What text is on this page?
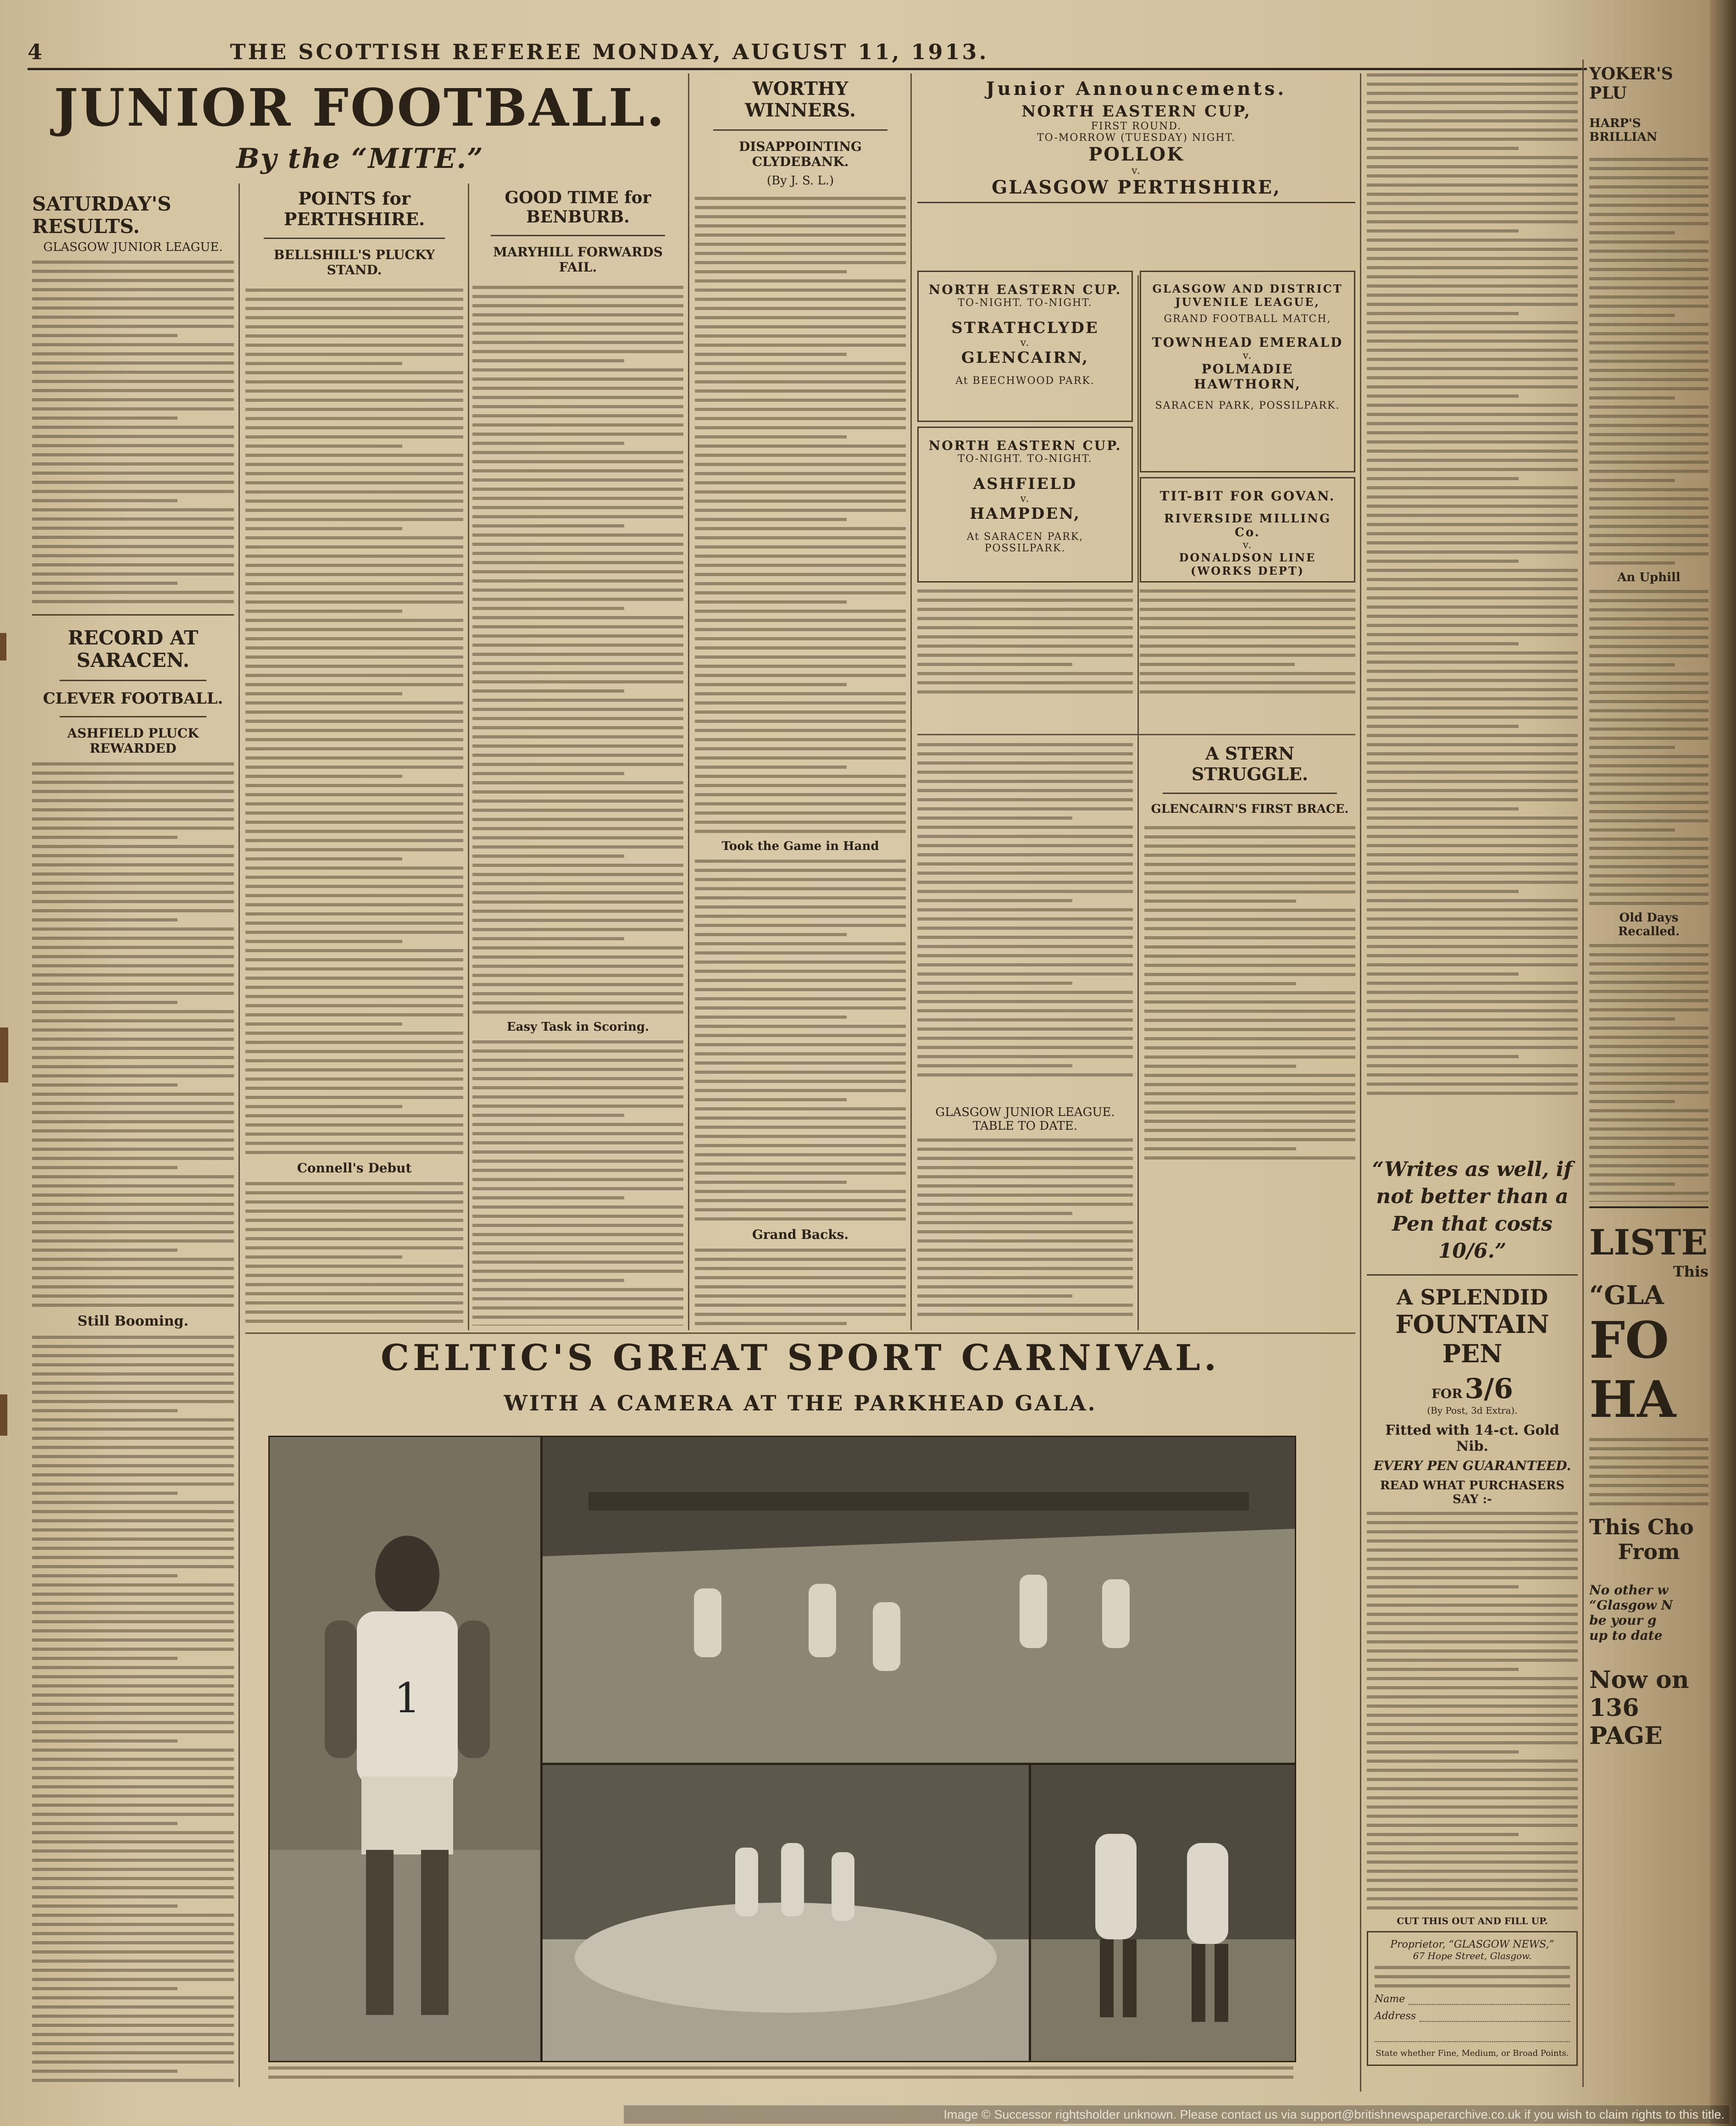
4	THE SCOTTISH REFEREE MONDAY, AUGUST 11, 1913.
JUNIOR FOOTBALL.
By the “MITE.”
SATURDAY'S RESULTS.
GLASGOW JUNIOR LEAGUE.
RECORD AT SARACEN.
CLEVER FOOTBALL.
ASHFIELD PLUCK REWARDED
Still Booming.
POINTS for PERTHSHIRE.
BELLSHILL'S PLUCKY STAND.
Connell's Debut
GOOD TIME for BENBURB.
MARYHILL FORWARDS FAIL.
Easy Task in Scoring.
WORTHY WINNERS.
DISAPPOINTING CLYDEBANK.
(By J. S. L.)
Took the Game in Hand
Grand Backs.
Junior Announcements.
NORTH EASTERN CUP,
FIRST ROUND.
TO-MORROW (TUESDAY) NIGHT.
POLLOK
v.
GLASGOW PERTHSHIRE,
NORTH EASTERN CUP.
TO-NIGHT. TO-NIGHT.
STRATHCLYDE
v.
GLENCAIRN,
At BEECHWOOD PARK.
NORTH EASTERN CUP.
TO-NIGHT. TO-NIGHT.
ASHFIELD
v.
HAMPDEN,
At SARACEN PARK, POSSILPARK.
GLASGOW AND DISTRICT JUVENILE LEAGUE,
GRAND FOOTBALL MATCH,
TOWNHEAD EMERALD
v.
POLMADIE HAWTHORN,
SARACEN PARK, POSSILPARK.
TIT-BIT FOR GOVAN.
RIVERSIDE MILLING Co.
v.
DONALDSON LINE (WORKS DEPT)
A STERN STRUGGLE.
GLENCAIRN'S FIRST BRACE.
GLASGOW JUNIOR LEAGUE.
TABLE TO DATE.
YOKER'S PLU
HARP'S BRILLIAN
An Uphill
Old Days Recalled.
CELTIC'S GREAT SPORT CARNIVAL.
WITH A CAMERA AT THE PARKHEAD GALA.
1
“Writes as well, if not better than a Pen that costs 10/6.”
A SPLENDID
FOUNTAIN PEN
FOR 3/6
(By Post, 3d Extra).
Fitted with 14-ct. Gold Nib.
EVERY PEN GUARANTEED.
READ WHAT PURCHASERS SAY :-
CUT THIS OUT AND FILL UP.
Proprietor, “GLASGOW NEWS,”
67 Hope Street, Glasgow.
Name
Address
State whether Fine, Medium, or Broad Points.
LISTE
This
“GLA
FO
HA
This Cho
From
No other w
“Glasgow N
be your g
up to date
Now on
136 PAGE
Image © Successor rightsholder unknown. Please contact us via support@britishnewspaperarchive.co.uk if you wish to claim rights to this title.
